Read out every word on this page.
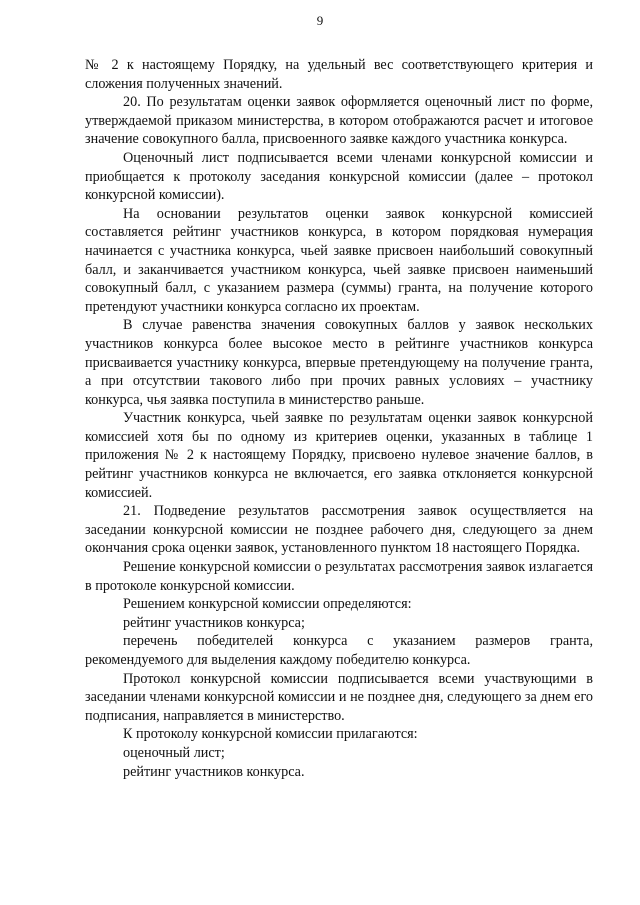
9

№ 2 к настоящему Порядку, на удельный вес соответствующего критерия и сложения полученных значений.

20. По результатам оценки заявок оформляется оценочный лист по форме, утверждаемой приказом министерства, в котором отображаются расчет и итоговое значение совокупного балла, присвоенного заявке каждого участника конкурса.

Оценочный лист подписывается всеми членами конкурсной комиссии и приобщается к протоколу заседания конкурсной комиссии (далее – протокол конкурсной комиссии).

На основании результатов оценки заявок конкурсной комиссией составляется рейтинг участников конкурса, в котором порядковая нумерация начинается с участника конкурса, чьей заявке присвоен наибольший совокупный балл, и заканчивается участником конкурса, чьей заявке присвоен наименьший совокупный балл, с указанием размера (суммы) гранта, на получение которого претендуют участники конкурса согласно их проектам.

В случае равенства значения совокупных баллов у заявок нескольких участников конкурса более высокое место в рейтинге участников конкурса присваивается участнику конкурса, впервые претендующему на получение гранта, а при отсутствии такового либо при прочих равных условиях – участнику конкурса, чья заявка поступила в министерство раньше.

Участник конкурса, чьей заявке по результатам оценки заявок конкурсной комиссией хотя бы по одному из критериев оценки, указанных в таблице 1 приложения № 2 к настоящему Порядку, присвоено нулевое значение баллов, в рейтинг участников конкурса не включается, его заявка отклоняется конкурсной комиссией.

21. Подведение результатов рассмотрения заявок осуществляется на заседании конкурсной комиссии не позднее рабочего дня, следующего за днем окончания срока оценки заявок, установленного пунктом 18 настоящего Порядка.

Решение конкурсной комиссии о результатах рассмотрения заявок излагается в протоколе конкурсной комиссии.

Решением конкурсной комиссии определяются:

рейтинг участников конкурса;

перечень победителей конкурса с указанием размеров гранта, рекомендуемого для выделения каждому победителю конкурса.

Протокол конкурсной комиссии подписывается всеми участвующими в заседании членами конкурсной комиссии и не позднее дня, следующего за днем его подписания, направляется в министерство.

К протоколу конкурсной комиссии прилагаются:

оценочный лист;

рейтинг участников конкурса.
